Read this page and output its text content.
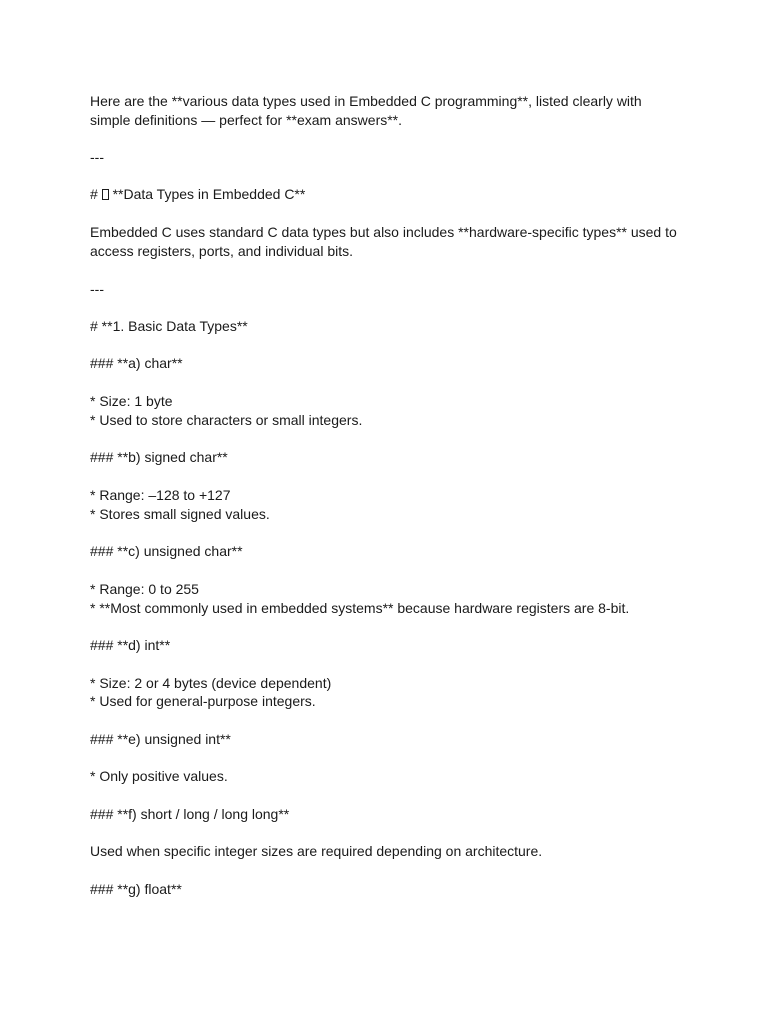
Here are the **various data types used in Embedded C programming**, listed clearly with

simple definitions — perfect for **exam answers**.

---

#  **Data Types in Embedded C**

Embedded C uses standard C data types but also includes **hardware-specific types** used to

access registers, ports, and individual bits.

---

# **1. Basic Data Types**

### **a) char**

* Size: 1 byte

* Used to store characters or small integers.

### **b) signed char**

* Range: –128 to +127

* Stores small signed values.

### **c) unsigned char**

* Range: 0 to 255

* **Most commonly used in embedded systems** because hardware registers are 8-bit.

### **d) int**

* Size: 2 or 4 bytes (device dependent)

* Used for general-purpose integers.

### **e) unsigned int**

* Only positive values.

### **f) short / long / long long**

Used when specific integer sizes are required depending on architecture.

### **g) float**
